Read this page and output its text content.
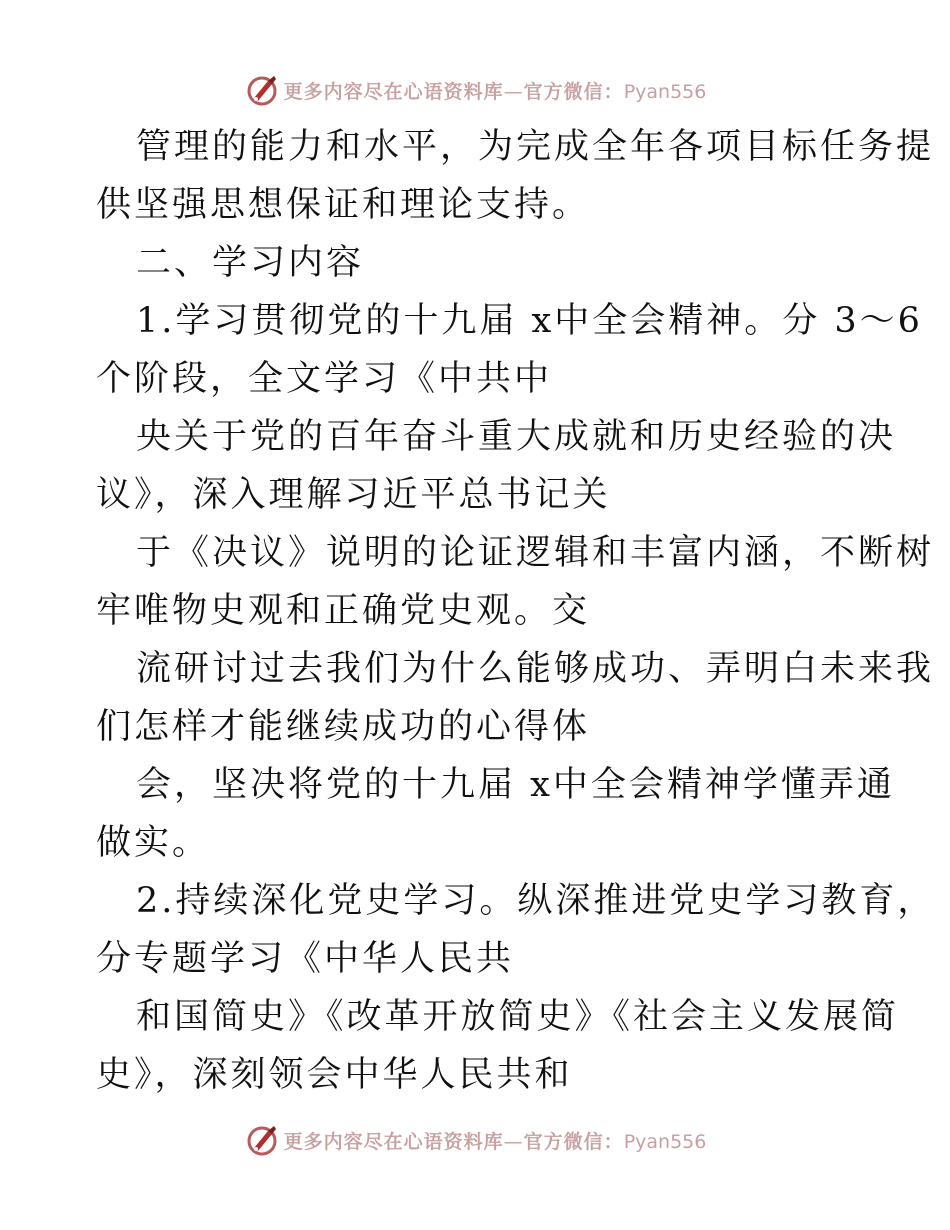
更多内容尽在心语资料库—官方微信：Pyan556
管理的能力和水平，为完成全年各项目标任务提
供坚强思想保证和理论支持。
二、学习内容
1.学习贯彻党的十九届 x中全会精神。分 3～6
个阶段，全文学习《中共中
央关于党的百年奋斗重大成就和历史经验的决
议》，深入理解习近平总书记关
于《决议》说明的论证逻辑和丰富内涵，不断树
牢唯物史观和正确党史观。交
流研讨过去我们为什么能够成功、弄明白未来我
们怎样才能继续成功的心得体
会，坚决将党的十九届 x中全会精神学懂弄通
做实。
2.持续深化党史学习。纵深推进党史学习教育，
分专题学习《中华人民共
和国简史》《改革开放简史》《社会主义发展简
史》，深刻领会中华人民共和
更多内容尽在心语资料库—官方微信：Pyan556
